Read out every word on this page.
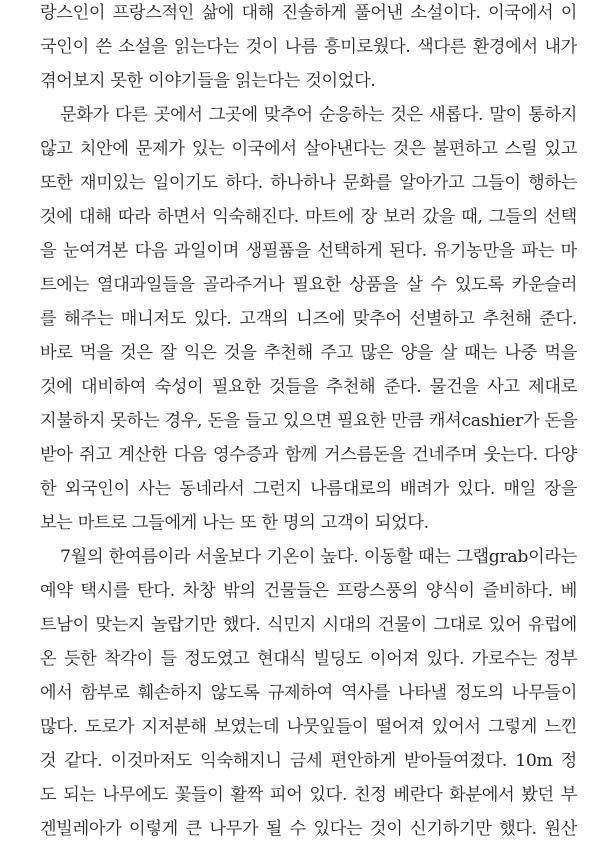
랑스인이 프랑스적인 삶에 대해 진솔하게 풀어낸 소설이다. 이국에서 이
국인이 쓴 소설을 읽는다는 것이 나름 흥미로웠다. 색다른 환경에서 내가
겪어보지 못한 이야기들을 읽는다는 것이었다.
문화가 다른 곳에서 그곳에 맞추어 순응하는 것은 새롭다. 말이 통하지
않고 치안에 문제가 있는 이국에서 살아낸다는 것은 불편하고 스릴 있고
또한 재미있는 일이기도 하다. 하나하나 문화를 알아가고 그들이 행하는
것에 대해 따라 하면서 익숙해진다. 마트에 장 보러 갔을 때, 그들의 선택
을 눈여겨본 다음 과일이며 생필품을 선택하게 된다. 유기농만을 파는 마
트에는 열대과일들을 골라주거나 필요한 상품을 살 수 있도록 카운슬러
를 해주는 매니저도 있다. 고객의 니즈에 맞추어 선별하고 추천해 준다.
바로 먹을 것은 잘 익은 것을 추천해 주고 많은 양을 살 때는 나중 먹을
것에 대비하여 숙성이 필요한 것들을 추천해 준다. 물건을 사고 제대로
지불하지 못하는 경우, 돈을 들고 있으면 필요한 만큼 캐셔cashier가 돈을
받아 쥐고 계산한 다음 영수증과 함께 거스름돈을 건네주며 웃는다. 다양
한 외국인이 사는 동네라서 그런지 나름대로의 배려가 있다. 매일 장을
보는 마트로 그들에게 나는 또 한 명의 고객이 되었다.
7월의 한여름이라 서울보다 기온이 높다. 이동할 때는 그랩grab이라는
예약 택시를 탄다. 차창 밖의 건물들은 프랑스풍의 양식이 즐비하다. 베
트남이 맞는지 놀랍기만 했다. 식민지 시대의 건물이 그대로 있어 유럽에
온 듯한 착각이 들 정도였고 현대식 빌딩도 이어져 있다. 가로수는 정부
에서 함부로 훼손하지 않도록 규제하여 역사를 나타낼 정도의 나무들이
많다. 도로가 지저분해 보였는데 나뭇잎들이 떨어져 있어서 그렇게 느낀
것 같다. 이것마저도 익숙해지니 금세 편안하게 받아들여졌다. 10m 정
도 되는 나무에도 꽃들이 활짝 피어 있다. 친정 베란다 화분에서 봤던 부
겐빌레아가 이렇게 큰 나무가 될 수 있다는 것이 신기하기만 했다. 원산
